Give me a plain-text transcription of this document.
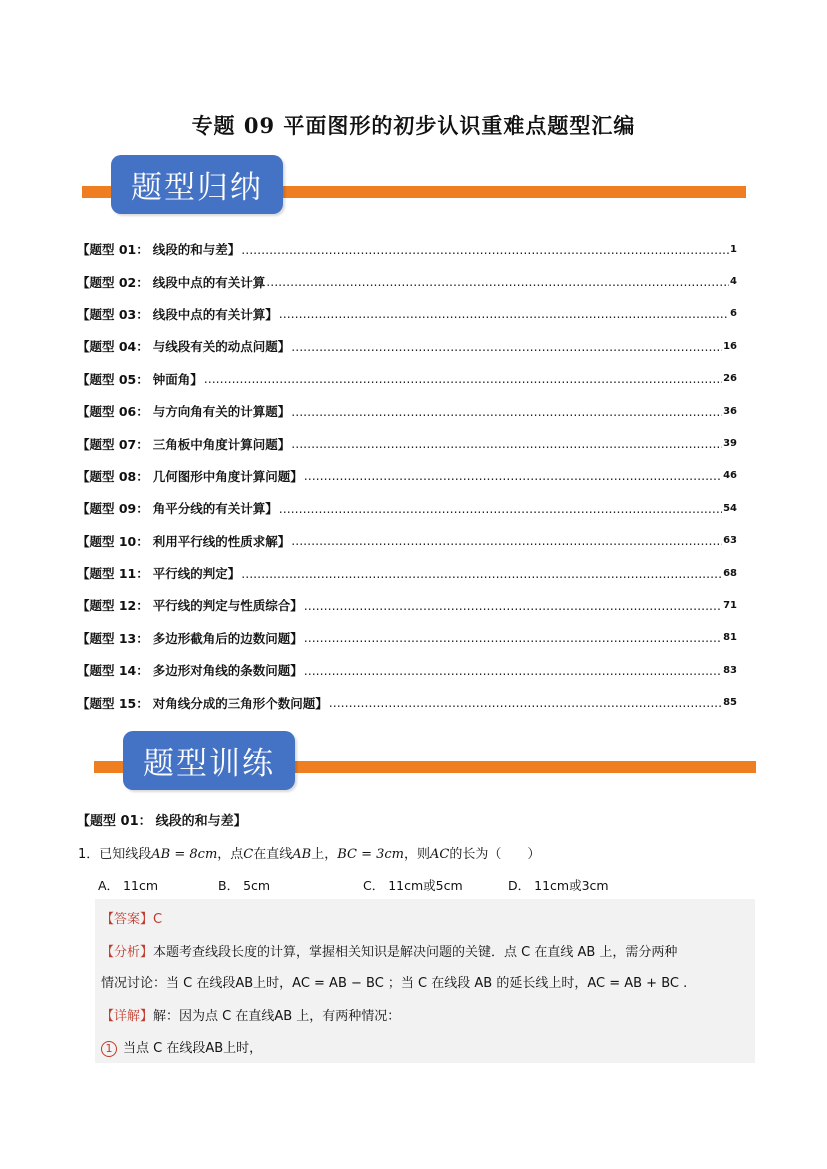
专题 09 平面图形的初步认识重难点题型汇编
题型归纳
【题型 01： 线段的和与差】 .....	1
【题型 02： 线段中点的有关计算 .....	4
【题型 03： 线段中点的有关计算】 .....	6
【题型 04： 与线段有关的动点问题】 .....	16
【题型 05： 钟面角】 .....	26
【题型 06： 与方向角有关的计算题】 .....	36
【题型 07： 三角板中角度计算问题】 .....	39
【题型 08： 几何图形中角度计算问题】 .....	46
【题型 09： 角平分线的有关计算】 .....	54
【题型 10： 利用平行线的性质求解】 .....	63
【题型 11： 平行线的判定】 .....	68
【题型 12： 平行线的判定与性质综合】 .....	71
【题型 13： 多边形截角后的边数问题】 .....	81
【题型 14： 多边形对角线的条数问题】 .....	83
【题型 15： 对角线分成的三角形个数问题】 .....	85
题型训练
【题型 01： 线段的和与差】
1．已知线段AB = 8cm，点C在直线AB上，BC = 3cm，则AC的长为（　　）
A． 11cm	B． 5cm	C． 11cm或5cm	D． 11cm或3cm
【答案】C
【分析】本题考查线段长度的计算，掌握相关知识是解决问题的关键．点 C 在直线 AB 上，需分两种
情况讨论：当 C 在线段AB上时，AC = AB − BC ；当 C 在线段 AB 的延长线上时，AC = AB + BC .
【详解】解：因为点 C 在直线AB 上，有两种情况：
1 当点 C 在线段AB上时，
